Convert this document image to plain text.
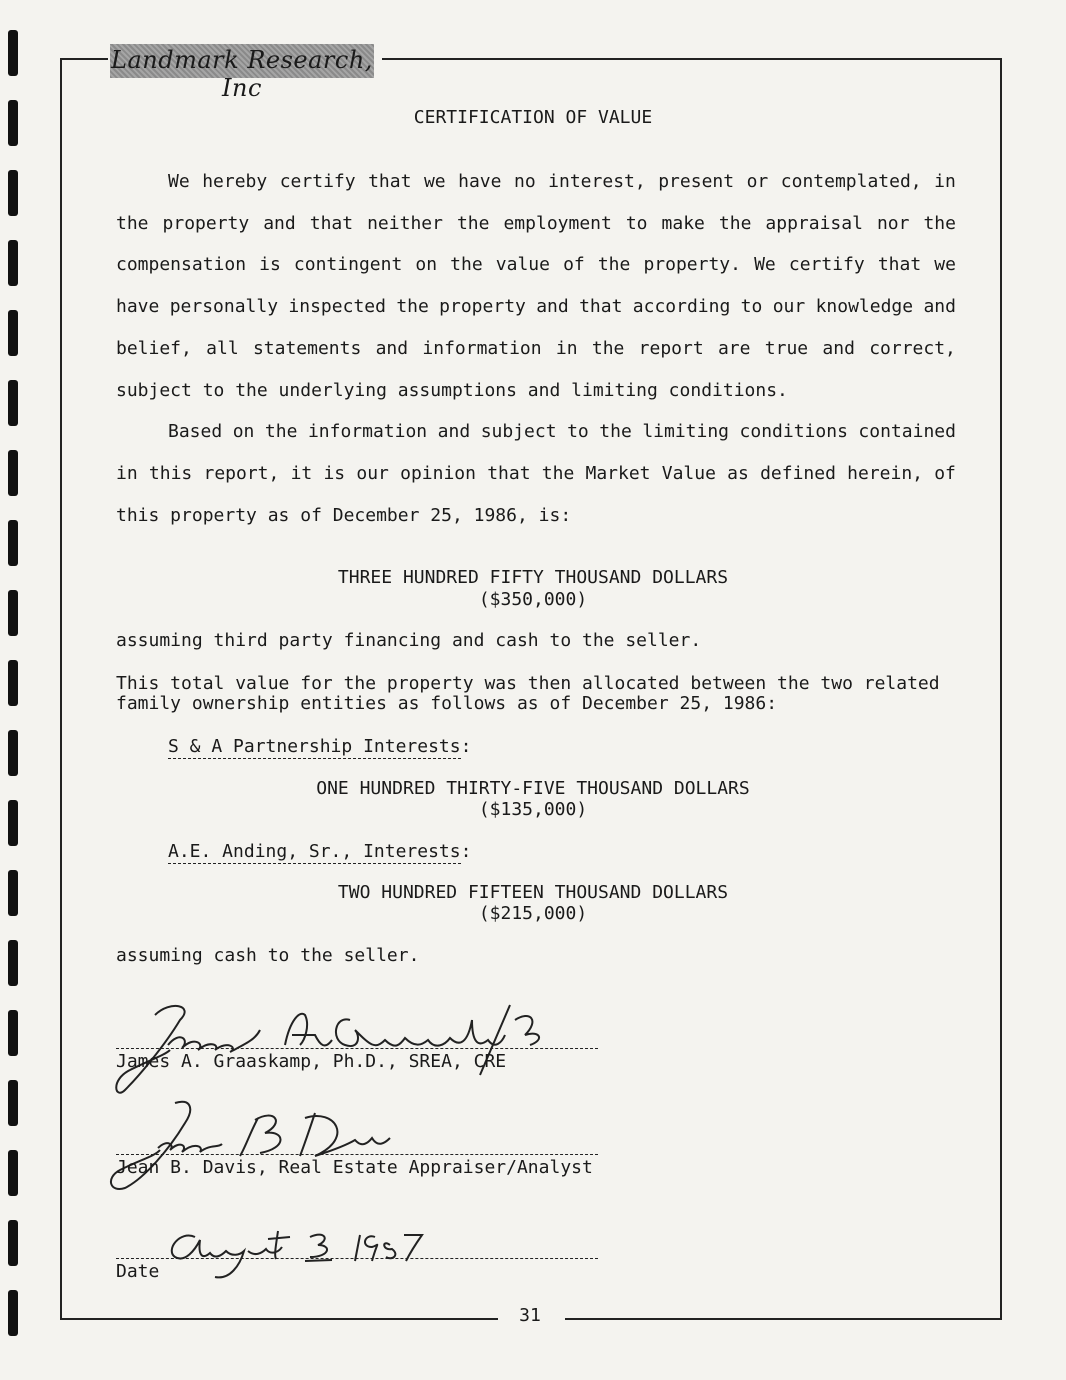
Landmark Research, Inc
CERTIFICATION OF VALUE
We hereby certify that we have no interest, present or contemplated, in
the property and that neither the employment to make the appraisal nor the
compensation is contingent on the value of the property. We certify that we
have personally inspected the property and that according to our knowledge and
belief, all statements and information in the report are true and correct,
subject to the underlying assumptions and limiting conditions.
Based on the information and subject to the limiting conditions contained
in this report, it is our opinion that the Market Value as defined herein, of
this property as of December 25, 1986, is:
THREE HUNDRED FIFTY THOUSAND DOLLARS
($350,000)
assuming third party financing and cash to the seller.
This total value for the property was then allocated between the two related
family ownership entities as follows as of December 25, 1986:
S & A Partnership Interests:
ONE HUNDRED THIRTY-FIVE THOUSAND DOLLARS
($135,000)
A.E. Anding, Sr., Interests:
TWO HUNDRED FIFTEEN THOUSAND DOLLARS
($215,000)
assuming cash to the seller.
James A. Graaskamp, Ph.D., SREA, CRE
Jean B. Davis, Real Estate Appraiser/Analyst
Date
31
